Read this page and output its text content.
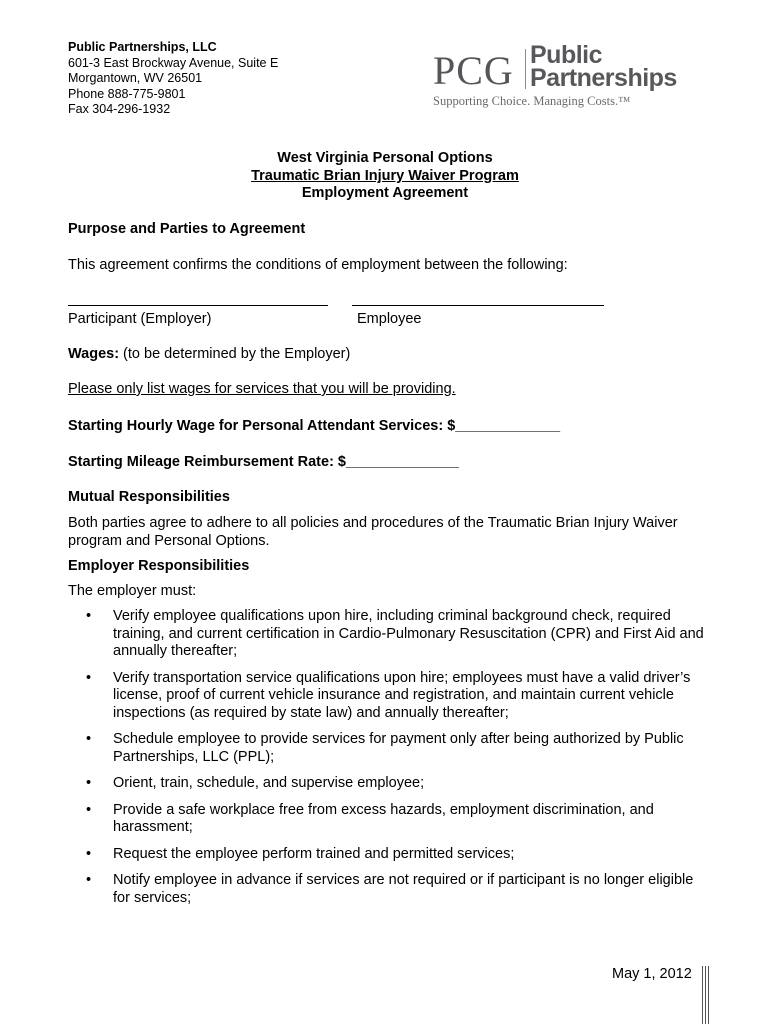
Public Partnerships, LLC
601-3 East Brockway Avenue, Suite E
Morgantown, WV 26501
Phone 888-775-9801
Fax 304-296-1932
PCG Public
Partnerships
Supporting Choice. Managing Costs.™
West Virginia Personal Options
Traumatic Brian Injury Waiver Program
Employment Agreement
Purpose and Parties to Agreement
This agreement confirms the conditions of employment between the following:
Participant (Employer)	Employee
Wages: (to be determined by the Employer)
Please only list wages for services that you will be providing.
Starting Hourly Wage for Personal Attendant Services: $_____________
Starting Mileage Reimbursement Rate: $______________
Mutual Responsibilities
Both parties agree to adhere to all policies and procedures of the Traumatic Brian Injury Waiver program and Personal Options.
Employer Responsibilities
The employer must:
• Verify employee qualifications upon hire, including criminal background check, required training, and current certification in Cardio-Pulmonary Resuscitation (CPR) and First Aid and annually thereafter;
• Verify transportation service qualifications upon hire; employees must have a valid driver’s license, proof of current vehicle insurance and registration, and maintain current vehicle inspections (as required by state law) and annually thereafter;
• Schedule employee to provide services for payment only after being authorized by Public Partnerships, LLC (PPL);
• Orient, train, schedule, and supervise employee;
• Provide a safe workplace free from excess hazards, employment discrimination, and harassment;
• Request the employee perform trained and permitted services;
• Notify employee in advance if services are not required or if participant is no longer eligible for services;
May 1, 2012
